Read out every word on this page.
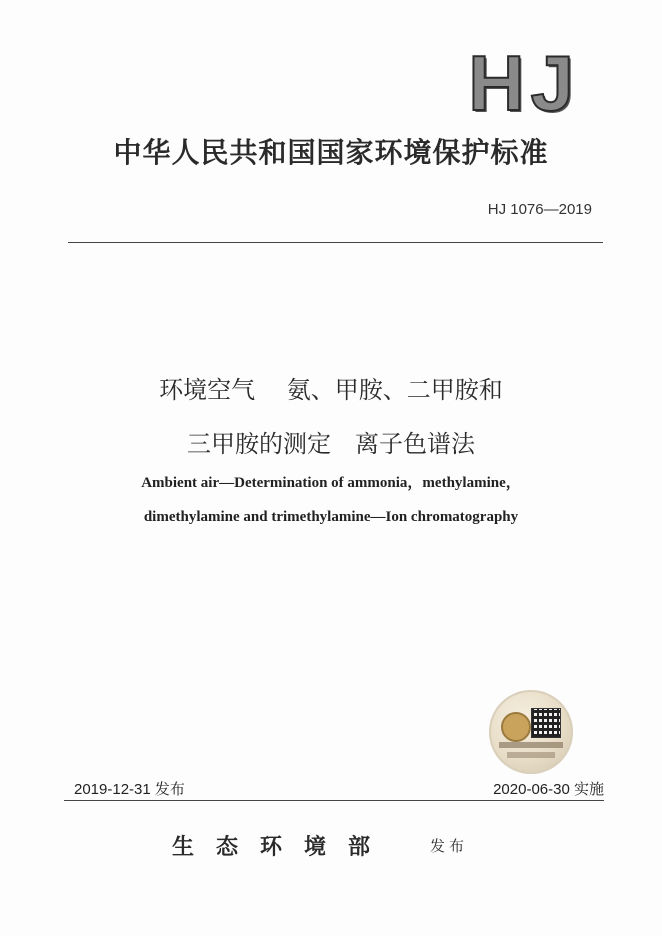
HJ
中华人民共和国国家环境保护标准
HJ 1076—2019
环境空气　 氨、甲胺、二甲胺和
三甲胺的测定　离子色谱法
Ambient air—Determination of ammonia，methylamine，
dimethylamine and trimethylamine—Ion chromatography
2019-12-31 发布	2020-06-30 实施
生态环境部	发布
